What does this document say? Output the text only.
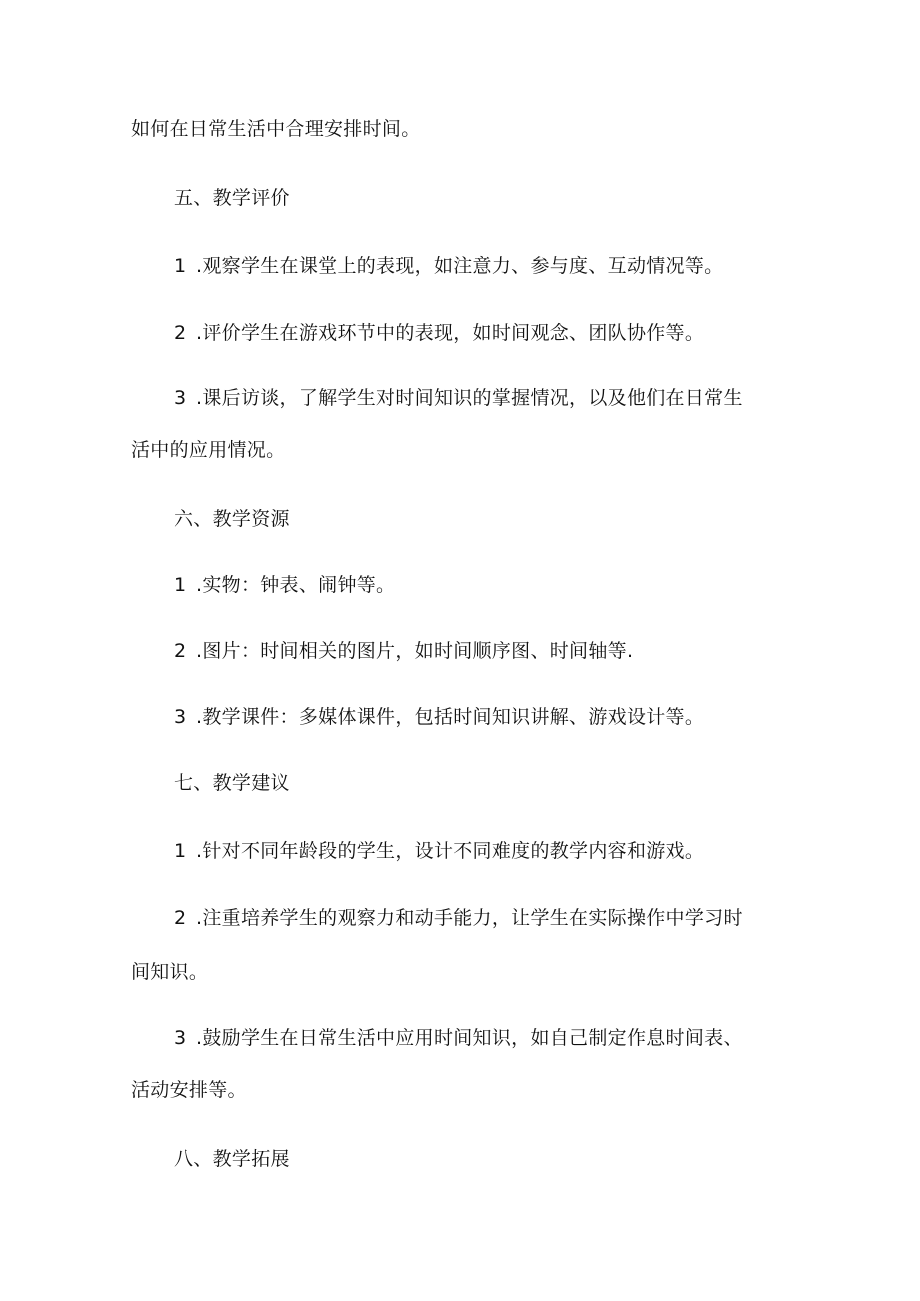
如何在日常生活中合理安排时间。
五、教学评价
1 .观察学生在课堂上的表现，如注意力、参与度、互动情况等。
2 .评价学生在游戏环节中的表现，如时间观念、团队协作等。
3 .课后访谈，了解学生对时间知识的掌握情况，以及他们在日常生
活中的应用情况。
六、教学资源
1 .实物：钟表、闹钟等。
2 .图片：时间相关的图片，如时间顺序图、时间轴等.
3 .教学课件：多媒体课件，包括时间知识讲解、游戏设计等。
七、教学建议
1 .针对不同年龄段的学生，设计不同难度的教学内容和游戏。
2 .注重培养学生的观察力和动手能力，让学生在实际操作中学习时
间知识。
3 .鼓励学生在日常生活中应用时间知识，如自己制定作息时间表、
活动安排等。
八、教学拓展
